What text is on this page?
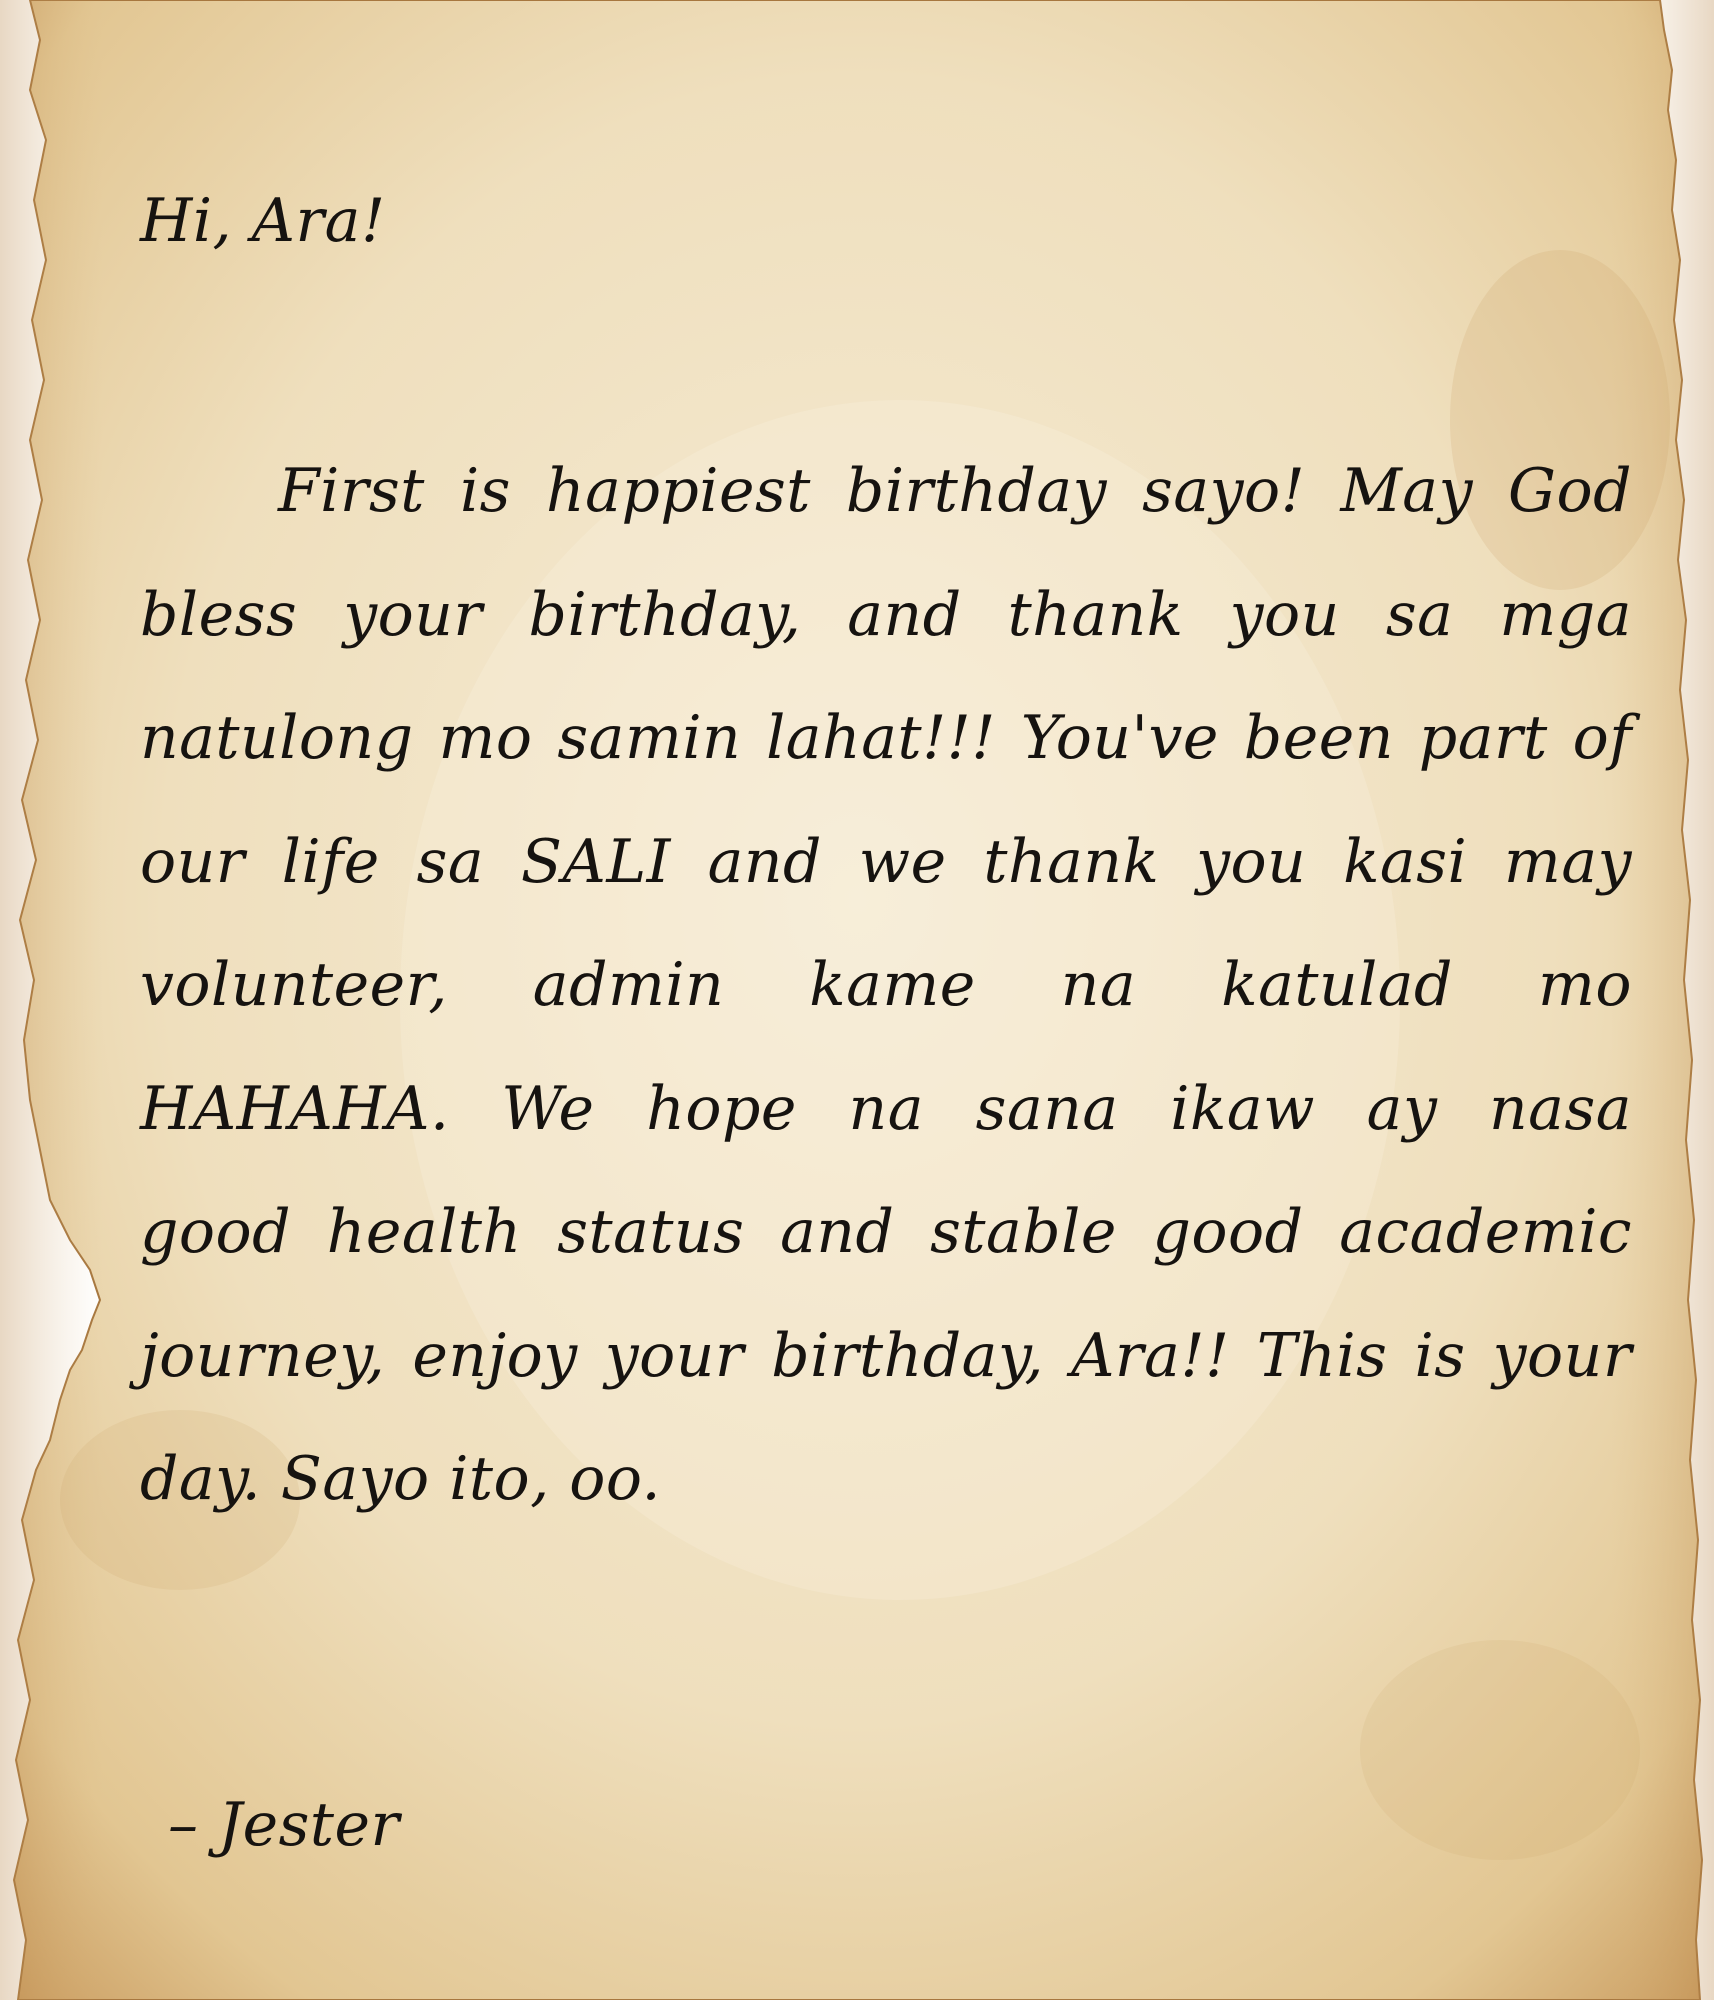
Hi, Ara!
First is happiest birthday sayo! May God
bless your birthday, and thank you sa mga
natulong mo samin lahat!!! You've been part of
our life sa SALI and we thank you kasi may
volunteer, admin kame na katulad mo
HAHAHA. We hope na sana ikaw ay nasa
good health status and stable good academic
journey, enjoy your birthday, Ara!! This is your
day. Sayo ito, oo.
– Jester
